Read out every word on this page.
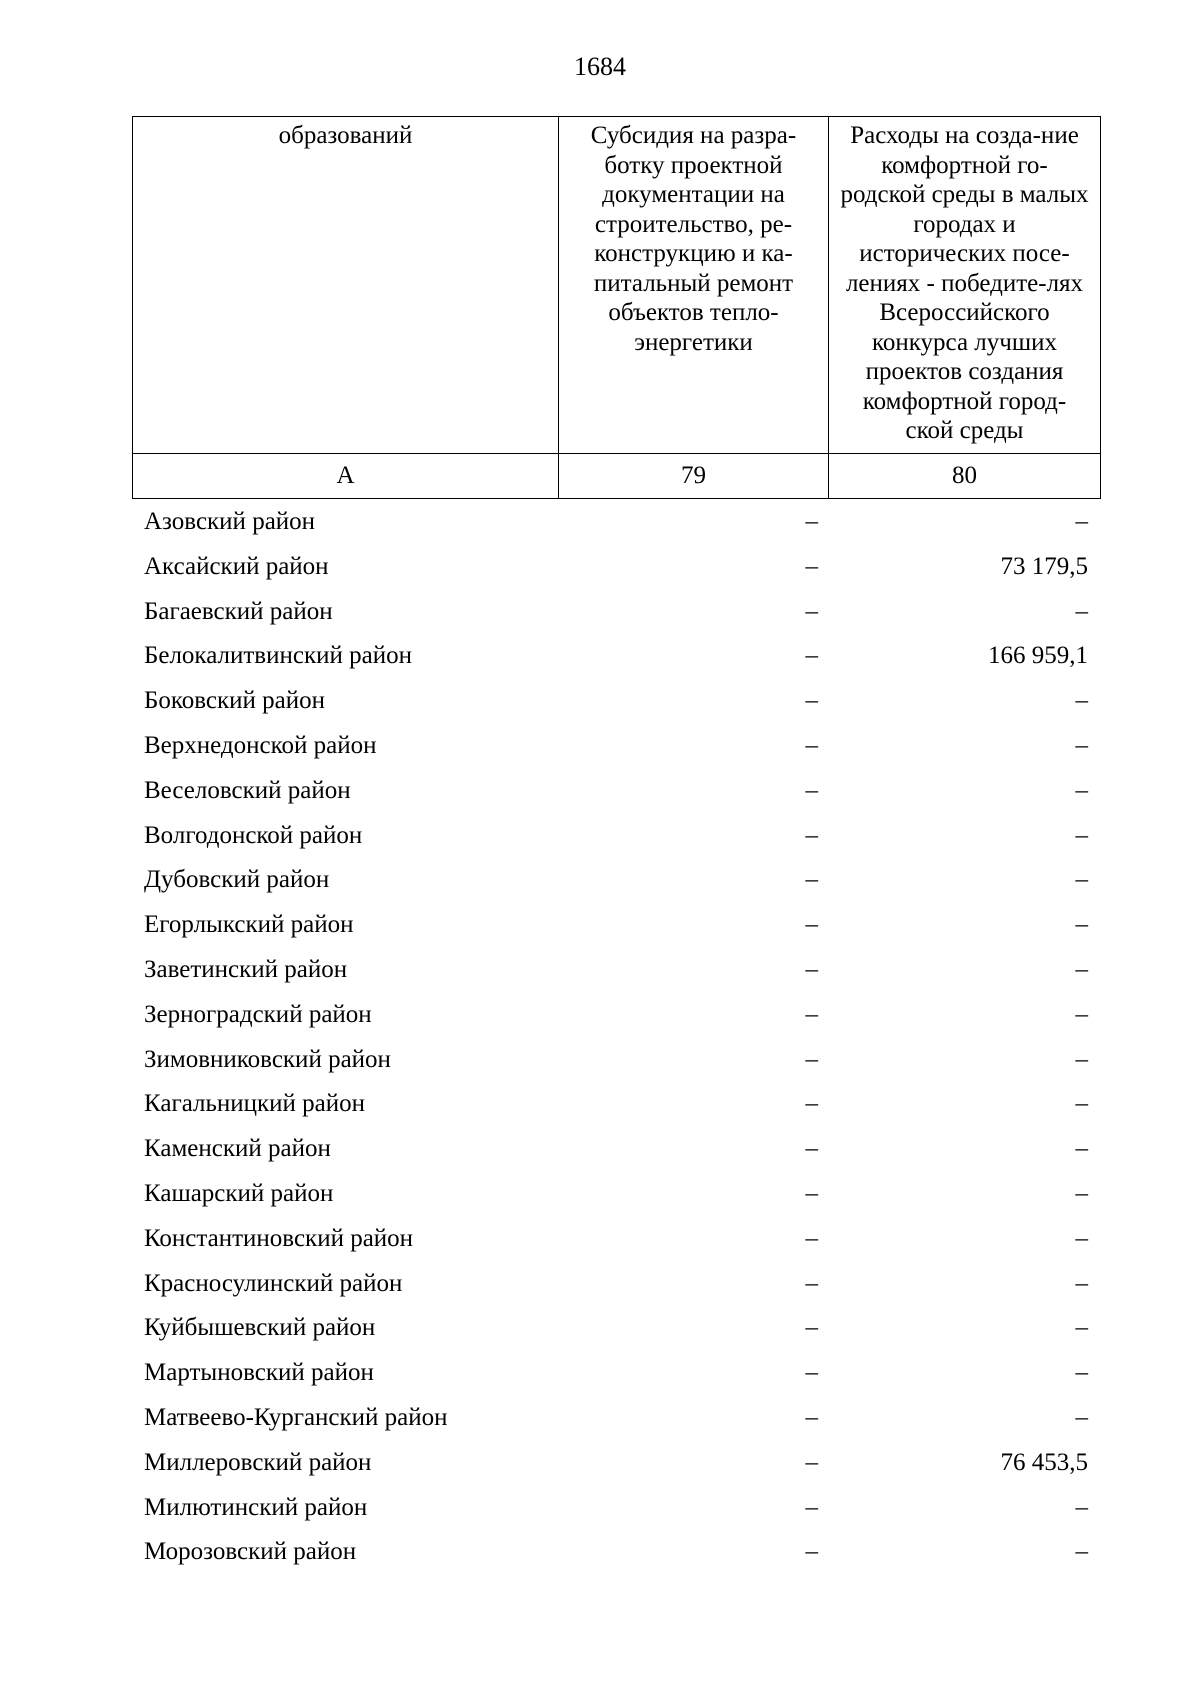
1684
образований	Субсидия на разра-ботку проектной документации на строительство, ре-конструкцию и ка-питальный ремонт объектов тепло-энергетики	Расходы на созда-ние комфортной го-родской среды в малых городах и исторических посе-лениях - победите-лях Всероссийского конкурса лучших проектов создания комфортной город-ской среды

А	79	80
Азовский район	–	–
Аксайский район	–	73 179,5
Багаевский район	–	–
Белокалитвинский район	–	166 959,1
Боковский район	–	–
Верхнедонской район	–	–
Веселовский район	–	–
Волгодонской район	–	–
Дубовский район	–	–
Егорлыкский район	–	–
Заветинский район	–	–
Зерноградский район	–	–
Зимовниковский район	–	–
Кагальницкий район	–	–
Каменский район	–	–
Кашарский район	–	–
Константиновский район	–	–
Красносулинский район	–	–
Куйбышевский район	–	–
Мартыновский район	–	–
Матвеево-Курганский район	–	–
Миллеровский район	–	76 453,5
Милютинский район	–	–
Морозовский район	–	–
